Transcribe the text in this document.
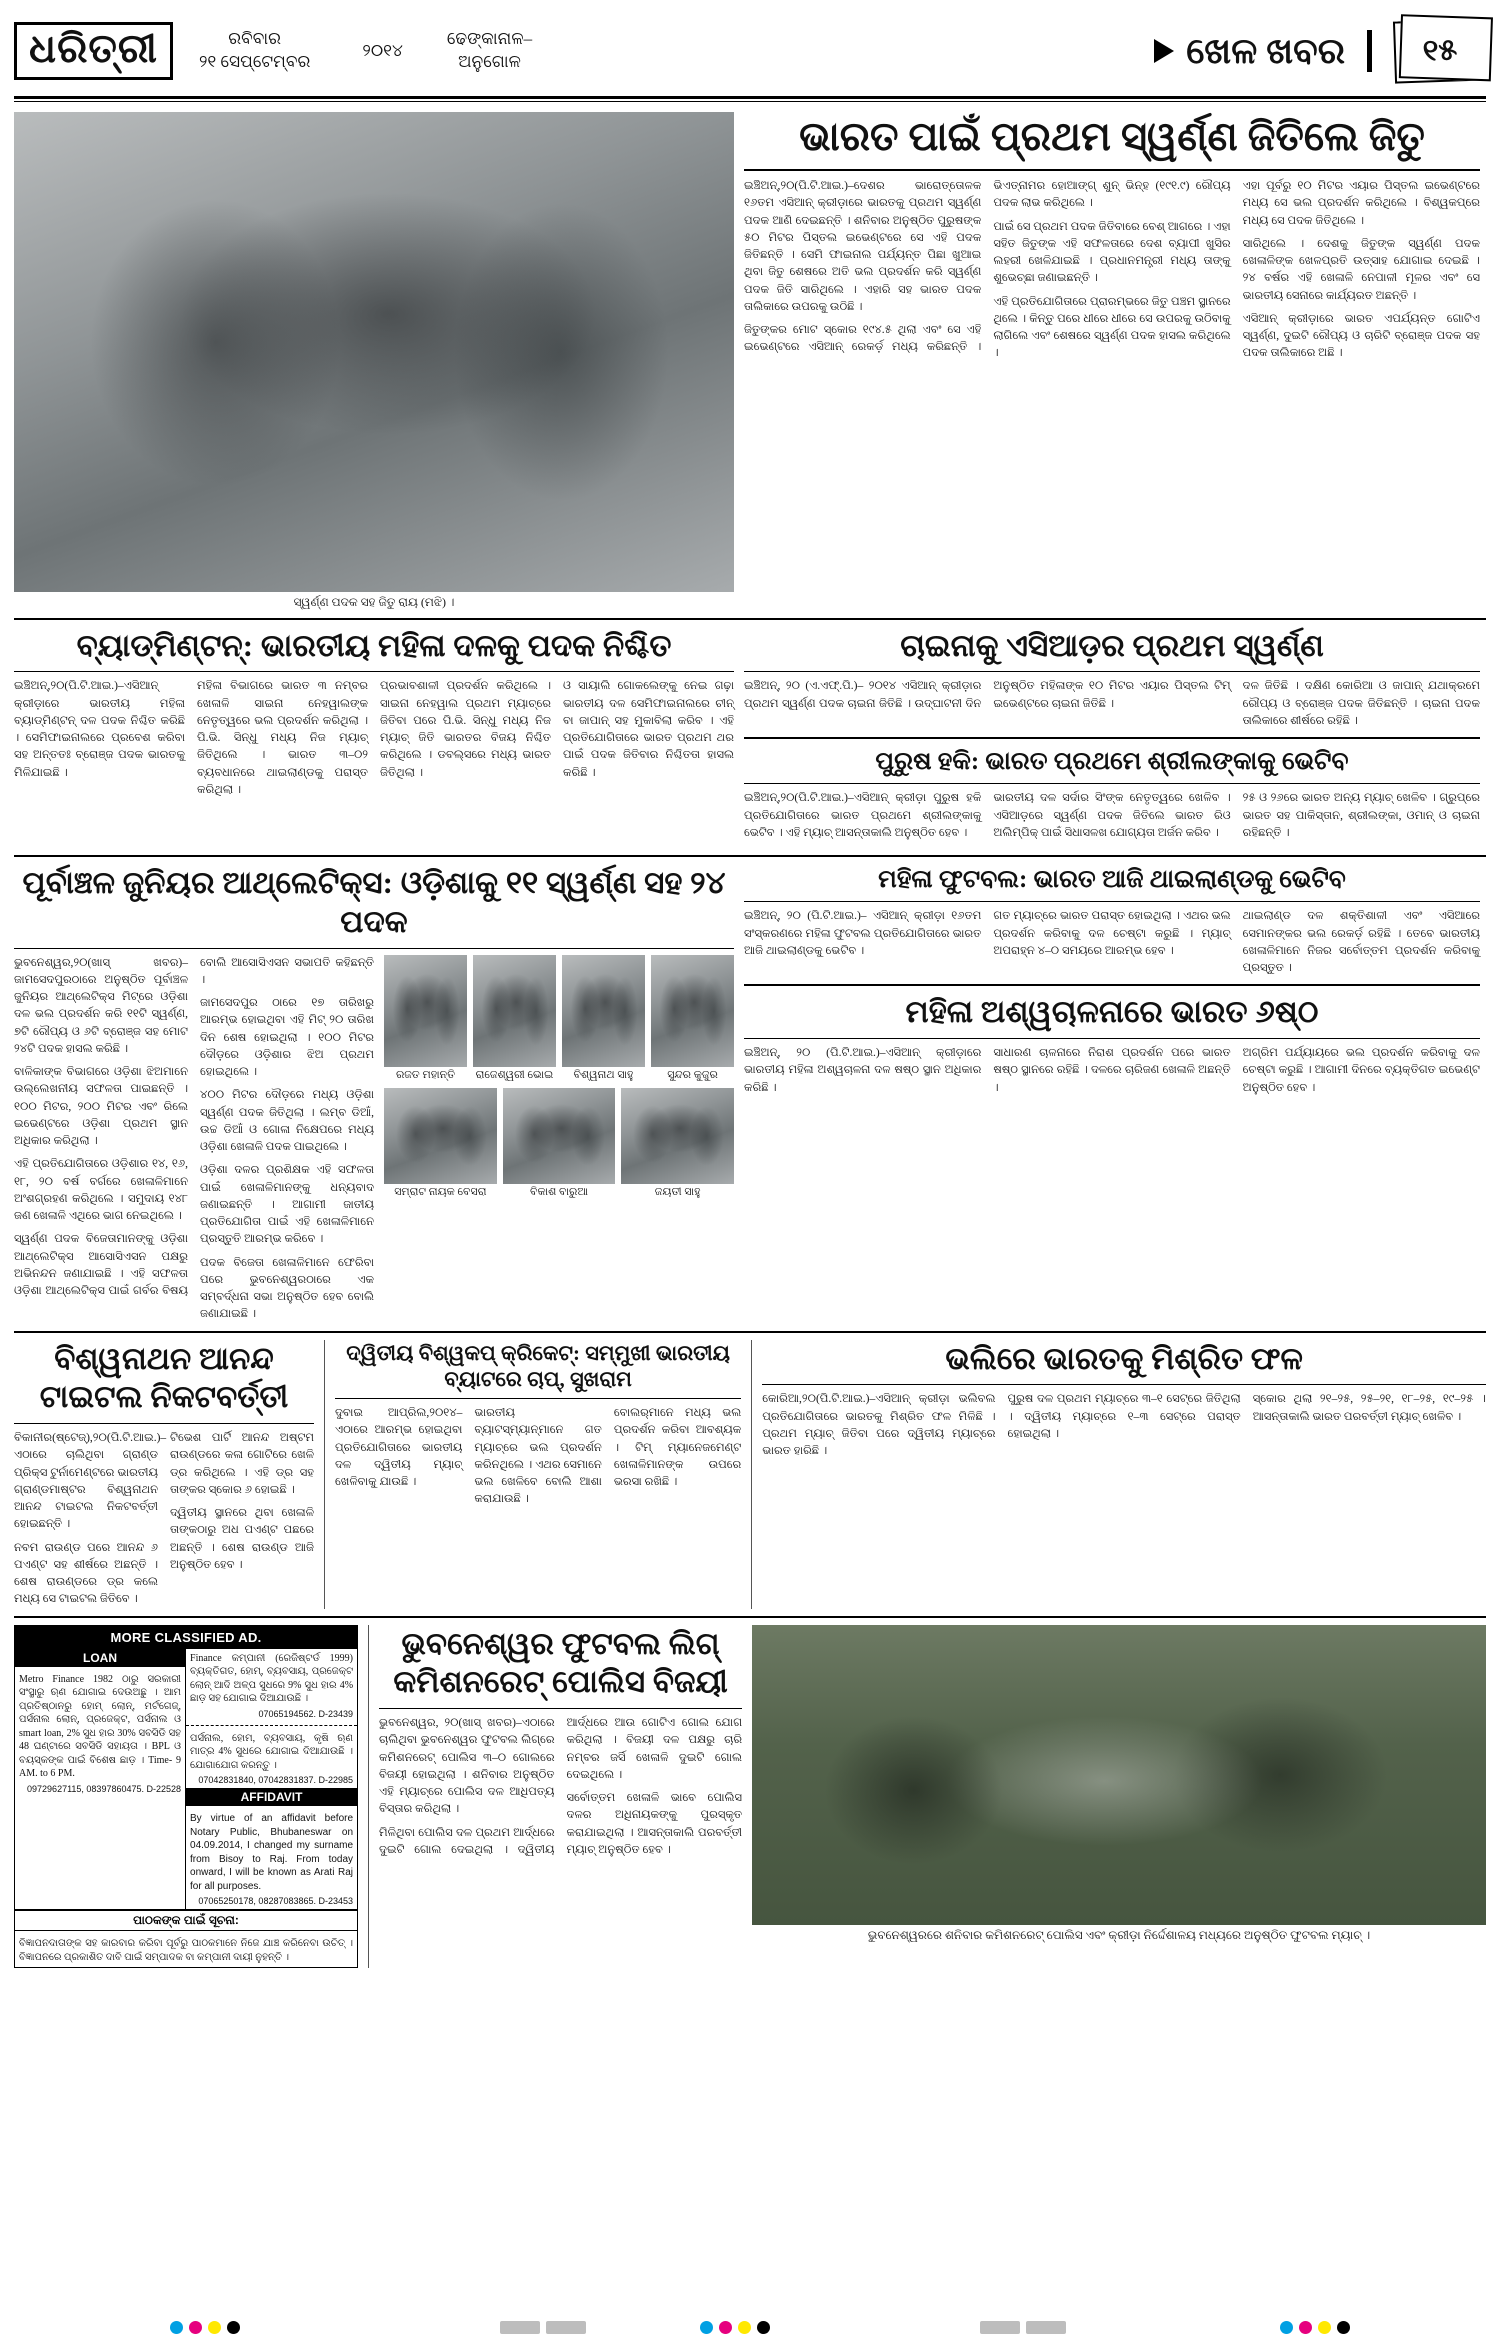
ଧରିତ୍ରୀ	ରବିବାର
୨୧ ସେପ୍ଟେମ୍ବର
୨୦୧୪
ଢେଙ୍କାନାଳ–
ଅନୁଗୋଳ	ଖେଳ ଖବର	୧୫
ସ୍ୱର୍ଣ୍ଣ ପଦକ ସହ ଜିତୁ ରାୟ (ମଝି) ।
ଭାରତ ପାଇଁ ପ୍ରଥମ ସ୍ୱର୍ଣ୍ଣ ଜିତିଲେ ଜିତୁ

ଇଞ୍ଚିଅନ୍‌,୨୦(ପି.ଟି.ଆଇ.)–ଦେଶର ଭାରୋତ୍ତୋଳକ ୧୬ତମ ଏସିଆନ୍‌ କ୍ରୀଡ଼ାରେ ଭାରତକୁ ପ୍ରଥମ ସ୍ୱର୍ଣ୍ଣ ପଦକ ଆଣି ଦେଇଛନ୍ତି । ଶନିବାର ଅନୁଷ୍ଠିତ ପୁରୁଷଙ୍କ ୫୦ ମିଟର ପିସ୍ତଲ ଇଭେଣ୍ଟରେ ସେ ଏହି ପଦକ ଜିତିଛନ୍ତି । ସେମି ଫାଇନାଲ ପର୍ଯ୍ୟନ୍ତ ପିଛା ଖୁଆଇ ଥିବା ଜିତୁ ଶେଷରେ ଅତି ଭଲ ପ୍ରଦର୍ଶନ କରି ସ୍ୱର୍ଣ୍ଣ ପଦକ ଜିତି ସାରିଥିଲେ । ଏହାରି ସହ ଭାରତ ପଦକ ତାଲିକାରେ ଉପରକୁ ଉଠିଛି ।

ଜିତୁଙ୍କର ମୋଟ ସ୍କୋର ୧୯୪.୫ ଥିଲା ଏବଂ ସେ ଏହି ଇଭେଣ୍ଟରେ ଏସିଆନ୍‌ ରେକର୍ଡ଼ ମଧ୍ୟ କରିଛନ୍ତି । ଭିଏତ୍‌ନାମର ହୋଆଙ୍ଗ୍‌ ଶୁନ୍‌ ଭିନ୍‌ହ (୧୯୧.୯) ରୌପ୍ୟ ପଦକ ଲାଭ କରିଥିଲେ ।

ପାଇଁ ସେ ପ୍ରଥମ ପଦକ ଜିତିବାରେ ବେଶ୍‌ ଆଗରେ । ଏହା ସହିତ ଜିତୁଙ୍କ ଏହି ସଫଳତାରେ ଦେଶ ବ୍ୟାପୀ ଖୁସିର ଲହରୀ ଖେଳିଯାଇଛି । ପ୍ରଧାନମନ୍ତ୍ରୀ ମଧ୍ୟ ତାଙ୍କୁ ଶୁଭେଚ୍ଛା ଜଣାଇଛନ୍ତି ।

ଏହି ପ୍ରତିଯୋଗିତାରେ ପ୍ରାରମ୍ଭରେ ଜିତୁ ପଞ୍ଚମ ସ୍ଥାନରେ ଥିଲେ । କିନ୍ତୁ ପରେ ଧୀରେ ଧୀରେ ସେ ଉପରକୁ ଉଠିବାକୁ ଲାଗିଲେ ଏବଂ ଶେଷରେ ସ୍ୱର୍ଣ୍ଣ ପଦକ ହାସଲ କରିଥିଲେ ।

ଏହା ପୂର୍ବରୁ ୧୦ ମିଟର ଏୟାର ପିସ୍ତଲ ଇଭେଣ୍ଟରେ ମଧ୍ୟ ସେ ଭଲ ପ୍ରଦର୍ଶନ କରିଥିଲେ । ବିଶ୍ୱକପ୍‌ରେ ମଧ୍ୟ ସେ ପଦକ ଜିତିଥିଲେ ।

ସାରିଥିଲେ । ଦେଶକୁ ଜିତୁଙ୍କ ସ୍ୱର୍ଣ୍ଣ ପଦକ ଖେଳାଳିଙ୍କ ଖେଳପ୍ରତି ଉତ୍ସାହ ଯୋଗାଇ ଦେଇଛି । ୨୪ ବର୍ଷର ଏହି ଖେଳାଳି ନେପାଳୀ ମୂଳର ଏବଂ ସେ ଭାରତୀୟ ସେନାରେ କାର୍ଯ୍ୟରତ ଅଛନ୍ତି ।

ଏସିଆନ୍‌ କ୍ରୀଡ଼ାରେ ଭାରତ ଏପର୍ଯ୍ୟନ୍ତ ଗୋଟିଏ ସ୍ୱର୍ଣ୍ଣ, ଦୁଇଟି ରୌପ୍ୟ ଓ ଚାରିଟି ବ୍ରୋଞ୍ଜ ପଦକ ସହ ପଦକ ତାଲିକାରେ ଅଛି ।

ବ୍ୟାଡ୍‌ମିଣ୍ଟନ୍‌: ଭାରତୀୟ ମହିଳା ଦଳକୁ ପଦକ ନିଶ୍ଚିତ

ଇଞ୍ଚିଅନ୍‌,୨୦(ପି.ଟି.ଆଇ.)–ଏସିଆନ୍‌ କ୍ରୀଡ଼ାରେ ଭାରତୀୟ ମହିଳା ବ୍ୟାଡ୍‌ମିଣ୍ଟନ୍‌ ଦଳ ପଦକ ନିଶ୍ଚିତ କରିଛି । ସେମିଫାଇନାଲରେ ପ୍ରବେଶ କରିବା ସହ ଅନ୍ତତଃ ବ୍ରୋଞ୍ଜ ପଦକ ଭାରତକୁ ମିଳିଯାଇଛି ।

ମହିଳା ବିଭାଗରେ ଭାରତ ୩ ନମ୍ବର ଖେଳାଳି ସାଇନା ନେହୱାଲଙ୍କ ନେତୃତ୍ୱରେ ଭଲ ପ୍ରଦର୍ଶନ କରିଥିଲା । ପି.ଭି. ସିନ୍ଧୁ ମଧ୍ୟ ନିଜ ମ୍ୟାଚ୍‌ ଜିତିଥିଲେ । ଭାରତ ୩–୦୨ ବ୍ୟବଧାନରେ ଥାଇଲାଣ୍ଡକୁ ପରାସ୍ତ କରିଥିଲା ।

ପ୍ରଭାବଶାଳୀ ପ୍ରଦର୍ଶନ କରିଥିଲେ । ସାଇନା ନେହୱାଲ ପ୍ରଥମ ମ୍ୟାଚ୍‌ରେ ଜିତିବା ପରେ ପି.ଭି. ସିନ୍ଧୁ ମଧ୍ୟ ନିଜ ମ୍ୟାଚ୍‌ ଜିତି ଭାରତର ବିଜୟ ନିଶ୍ଚିତ କରିଥିଲେ । ଡବଲ୍‌ସରେ ମଧ୍ୟ ଭାରତ ଜିତିଥିଲା ।

ଓ ସାୟାଲି ଗୋକଲେଙ୍କୁ ନେଇ ଗଢ଼ା ଭାରତୀୟ ଦଳ ସେମିଫାଇନାଲରେ ଚୀନ୍‌ ବା ଜାପାନ୍‌ ସହ ମୁକାବିଲା କରିବ । ଏହି ପ୍ରତିଯୋଗିତାରେ ଭାରତ ପ୍ରଥମ ଥର ପାଇଁ ପଦକ ଜିତିବାର ନିଶ୍ଚିତତା ହାସଲ କରିଛି ।

ଚାଇନାକୁ ଏସିଆଡ଼ର ପ୍ରଥମ ସ୍ୱର୍ଣ୍ଣ

ଇଞ୍ଚିଅନ୍‌, ୨୦ (ଏ.ଏଫ୍‌.ପି.)– ୨୦୧୪ ଏସିଆନ୍‌ କ୍ରୀଡ଼ାର ପ୍ରଥମ ସ୍ୱର୍ଣ୍ଣ ପଦକ ଚାଇନା ଜିତିଛି । ଉଦ୍‌ଘାଟନୀ ଦିନ ଅନୁଷ୍ଠିତ ମହିଳାଙ୍କ ୧୦ ମିଟର ଏୟାର ପିସ୍ତଲ ଟିମ୍‌ ଇଭେଣ୍ଟରେ ଚାଇନା ଜିତିଛି ।

ଦଳ ଜିତିଛି । ଦକ୍ଷିଣ କୋରିଆ ଓ ଜାପାନ୍‌ ଯଥାକ୍ରମେ ରୌପ୍ୟ ଓ ବ୍ରୋଞ୍ଜ ପଦକ ଜିତିଛନ୍ତି । ଚାଇନା ପଦକ ତାଲିକାରେ ଶୀର୍ଷରେ ରହିଛି ।

ପୁରୁଷ ହକି: ଭାରତ ପ୍ରଥମେ ଶ୍ରୀଲଙ୍କାକୁ ଭେଟିବ

ଇଞ୍ଚିଅନ୍‌,୨୦(ପି.ଟି.ଆଇ.)–ଏସିଆନ୍‌ କ୍ରୀଡ଼ା ପୁରୁଷ ହକି ପ୍ରତିଯୋଗିତାରେ ଭାରତ ପ୍ରଥମେ ଶ୍ରୀଲଙ୍କାକୁ ଭେଟିବ । ଏହି ମ୍ୟାଚ୍‌ ଆସନ୍ତାକାଲି ଅନୁଷ୍ଠିତ ହେବ ।

ଭାରତୀୟ ଦଳ ସର୍ଦାର ସିଂଙ୍କ ନେତୃତ୍ୱରେ ଖେଳିବ । ଏସିଆଡ଼ରେ ସ୍ୱର୍ଣ୍ଣ ପଦକ ଜିତିଲେ ଭାରତ ରିଓ ଅଲିମ୍ପିକ୍‌ ପାଇଁ ସିଧାସଳଖ ଯୋଗ୍ୟତା ଅର୍ଜନ କରିବ ।

୨୫ ଓ ୨୬ରେ ଭାରତ ଅନ୍ୟ ମ୍ୟାଚ୍‌ ଖେଳିବ । ଗ୍ରୁପ୍‌ରେ ଭାରତ ସହ ପାକିସ୍ତାନ, ଶ୍ରୀଲଙ୍କା, ଓମାନ୍‌ ଓ ଚାଇନା ରହିଛନ୍ତି ।

ପୂର୍ବାଞ୍ଚଳ ଜୁନିୟର ଆଥ୍‌ଲେଟିକ୍‌ସ: ଓଡ଼ିଶାକୁ ୧୧ ସ୍ୱର୍ଣ୍ଣ ସହ ୨୪ ପଦକ

ଭୁବନେଶ୍ୱର,୨୦(ଖାସ୍‌ ଖବର)–ଜାମସେଦପୁରଠାରେ ଅନୁଷ୍ଠିତ ପୂର୍ବାଞ୍ଚଳ ଜୁନିୟର ଆଥ୍‌ଲେଟିକ୍‌ସ ମିଟ୍‌ରେ ଓଡ଼ିଶା ଦଳ ଭଲ ପ୍ରଦର୍ଶନ କରି ୧୧ଟି ସ୍ୱର୍ଣ୍ଣ, ୭ଟି ରୌପ୍ୟ ଓ ୬ଟି ବ୍ରୋଞ୍ଜ ସହ ମୋଟ ୨୪ଟି ପଦକ ହାସଲ କରିଛି ।

ବାଳିକାଙ୍କ ବିଭାଗରେ ଓଡ଼ିଶା ଝିଅମାନେ ଉଲ୍ଲେଖନୀୟ ସଫଳତା ପାଇଛନ୍ତି । ୧୦୦ ମିଟର, ୨୦୦ ମିଟର ଏବଂ ରିଲେ ଇଭେଣ୍ଟରେ ଓଡ଼ିଶା ପ୍ରଥମ ସ୍ଥାନ ଅଧିକାର କରିଥିଲା ।

ଏହି ପ୍ରତିଯୋଗିତାରେ ଓଡ଼ିଶାର ୧୪, ୧୬, ୧୮, ୨୦ ବର୍ଷ ବର୍ଗରେ ଖେଳାଳିମାନେ ଅଂଶଗ୍ରହଣ କରିଥିଲେ । ସମୁଦାୟ ୧୪୮ ଜଣ ଖେଳାଳି ଏଥିରେ ଭାଗ ନେଇଥିଲେ ।

ସ୍ୱର୍ଣ୍ଣ ପଦକ ବିଜେତାମାନଙ୍କୁ ଓଡ଼ିଶା ଆଥ୍‌ଲେଟିକ୍‌ସ ଆସୋସିଏସନ ପକ୍ଷରୁ ଅଭିନନ୍ଦନ ଜଣାଯାଇଛି । ଏହି ସଫଳତା ଓଡ଼ିଶା ଆଥ୍‌ଲେଟିକ୍‌ସ ପାଇଁ ଗର୍ବର ବିଷୟ ବୋଲି ଆସୋସିଏସନ ସଭାପତି କହିଛନ୍ତି ।

ଜାମସେଦପୁର ଠାରେ ୧୭ ତାରିଖରୁ ଆରମ୍ଭ ହୋଇଥିବା ଏହି ମିଟ୍‌ ୨୦ ତାରିଖ ଦିନ ଶେଷ ହୋଇଥିଲା । ୧୦୦ ମିଟର ଦୌଡ଼ରେ ଓଡ଼ିଶାର ଝିଅ ପ୍ରଥମ ହୋଇଥିଲେ ।

୪୦୦ ମିଟର ଦୌଡ଼ରେ ମଧ୍ୟ ଓଡ଼ିଶା ସ୍ୱର୍ଣ୍ଣ ପଦକ ଜିତିଥିଲା । ଲମ୍ବ ଡିଆଁ, ଉଚ୍ଚ ଡିଆଁ ଓ ଗୋଳା ନିକ୍ଷେପରେ ମଧ୍ୟ ଓଡ଼ିଶା ଖେଳାଳି ପଦକ ପାଇଥିଲେ ।

ଓଡ଼ିଶା ଦଳର ପ୍ରଶିକ୍ଷକ ଏହି ସଫଳତା ପାଇଁ ଖେଳାଳିମାନଙ୍କୁ ଧନ୍ୟବାଦ ଜଣାଇଛନ୍ତି । ଆଗାମୀ ଜାତୀୟ ପ୍ରତିଯୋଗିତା ପାଇଁ ଏହି ଖେଳାଳିମାନେ ପ୍ରସ୍ତୁତି ଆରମ୍ଭ କରିବେ ।

ପଦକ ବିଜେତା ଖେଳାଳିମାନେ ଫେରିବା ପରେ ଭୁବନେଶ୍ୱରଠାରେ ଏକ ସମ୍ବର୍ଦ୍ଧନା ସଭା ଅନୁଷ୍ଠିତ ହେବ ବୋଲି ଜଣାଯାଇଛି ।

ରଜତ ମହାନ୍ତି	ରାଜେଶ୍ୱରୀ ଭୋଇ	ବିଶ୍ୱନାଥ ସାହୁ	ସୁନ୍ଦର କୁଜୁର
ସମ୍ରାଟ ନାୟକ ବେସରା	ବିକାଶ ବାରୁଆ	ଜୟତୀ ସାହୁ
ମହିଳା ଫୁଟବଲ: ଭାରତ ଆଜି ଥାଇଲାଣ୍ଡକୁ ଭେଟିବ

ଇଞ୍ଚିଅନ୍‌, ୨୦ (ପି.ଟି.ଆଇ.)– ଏସିଆନ୍‌ କ୍ରୀଡ଼ା ୧୬ତମ ସଂସ୍କରଣରେ ମହିଳା ଫୁଟବଲ ପ୍ରତିଯୋଗିତାରେ ଭାରତ ଆଜି ଥାଇଲାଣ୍ଡକୁ ଭେଟିବ ।

ଗତ ମ୍ୟାଚ୍‌ରେ ଭାରତ ପରାସ୍ତ ହୋଇଥିଲା । ଏଥର ଭଲ ପ୍ରଦର୍ଶନ କରିବାକୁ ଦଳ ଚେଷ୍ଟା କରୁଛି । ମ୍ୟାଚ୍‌ ଅପରାହ୍ନ ୪–୦ ସମୟରେ ଆରମ୍ଭ ହେବ ।

ଥାଇଲାଣ୍ଡ ଦଳ ଶକ୍ତିଶାଳୀ ଏବଂ ଏସିଆରେ ସେମାନଙ୍କର ଭଲ ରେକର୍ଡ଼ ରହିଛି । ତେବେ ଭାରତୀୟ ଖେଳାଳିମାନେ ନିଜର ସର୍ବୋତ୍ତମ ପ୍ରଦର୍ଶନ କରିବାକୁ ପ୍ରସ୍ତୁତ ।

ମହିଳା ଅଶ୍ୱଚାଳନାରେ ଭାରତ ୬ଷ୍ଠ

ଇଞ୍ଚିଅନ୍‌, ୨୦ (ପି.ଟି.ଆଇ.)–ଏସିଆନ୍‌ କ୍ରୀଡ଼ାରେ ଭାରତୀୟ ମହିଳା ଅଶ୍ୱଚାଳନା ଦଳ ଷଷ୍ଠ ସ୍ଥାନ ଅଧିକାର କରିଛି ।

ସାଧାରଣ ଚାଳନାରେ ନିରାଶ ପ୍ରଦର୍ଶନ ପରେ ଭାରତ ଷଷ୍ଠ ସ୍ଥାନରେ ରହିଛି । ଦଳରେ ଚାରିଜଣ ଖେଳାଳି ଅଛନ୍ତି ।

ଅଗ୍ରିମ ପର୍ଯ୍ୟାୟରେ ଭଲ ପ୍ରଦର୍ଶନ କରିବାକୁ ଦଳ ଚେଷ୍ଟା କରୁଛି । ଆଗାମୀ ଦିନରେ ବ୍ୟକ୍ତିଗତ ଇଭେଣ୍ଟ ଅନୁଷ୍ଠିତ ହେବ ।

ବିଶ୍ୱନାଥନ ଆନନ୍ଦ
ଟାଇଟଲ ନିକଟବର୍ତ୍ତୀ

ବିକାନୀର(ଷ୍ଟେଜ୍‌),୨୦(ପି.ଟି.ଆଇ.)–ଏଠାରେ ଚାଲିଥିବା ଗ୍ରାଣ୍ଡ ପ୍ରିକ୍ସ ଟୁର୍ନାମେଣ୍ଟରେ ଭାରତୀୟ ଗ୍ରାଣ୍ଡମାଷ୍ଟର ବିଶ୍ୱନାଥନ ଆନନ୍ଦ ଟାଇଟଲ ନିକଟବର୍ତ୍ତୀ ହୋଇଛନ୍ତି ।

ନବମ ରାଉଣ୍ଡ ପରେ ଆନନ୍ଦ ୬ ପଏଣ୍ଟ ସହ ଶୀର୍ଷରେ ଅଛନ୍ତି । ଶେଷ ରାଉଣ୍ଡରେ ଡ୍ର କଲେ ମଧ୍ୟ ସେ ଟାଇଟଲ ଜିତିବେ ।

ଟିଭେଶ ପାର୍ଟି ଆନନ୍ଦ ଅଷ୍ଟମ ରାଉଣ୍ଡରେ କଳା ଗୋଟିରେ ଖେଳି ଡ୍ର କରିଥିଲେ । ଏହି ଡ୍ର ସହ ତାଙ୍କର ସ୍କୋର ୬ ହୋଇଛି ।

ଦ୍ୱିତୀୟ ସ୍ଥାନରେ ଥିବା ଖେଳାଳି ତାଙ୍କଠାରୁ ଅଧ ପଏଣ୍ଟ ପଛରେ ଅଛନ୍ତି । ଶେଷ ରାଉଣ୍ଡ ଆଜି ଅନୁଷ୍ଠିତ ହେବ ।

ଦ୍ୱିତୀୟ ବିଶ୍ୱକପ୍‌ କ୍ରିକେଟ୍‌: ସମ୍ମୁଖୀ ଭାରତୀୟ ବ୍ୟାଟରେ ଚାପ୍‌, ସୁଖରାମ

ଦୁବାଇ ଆପ୍ରିଲ,୨୦୧୪–ଏଠାରେ ଆରମ୍ଭ ହୋଇଥିବା ପ୍ରତିଯୋଗିତାରେ ଭାରତୀୟ ଦଳ ଦ୍ୱିତୀୟ ମ୍ୟାଚ୍‌ ଖେଳିବାକୁ ଯାଉଛି ।

ଭାରତୀୟ ବ୍ୟାଟସ୍‌ମ୍ୟାନ୍‌ମାନେ ଗତ ମ୍ୟାଚ୍‌ରେ ଭଲ ପ୍ରଦର୍ଶନ କରିନଥିଲେ । ଏଥର ସେମାନେ ଭଲ ଖେଳିବେ ବୋଲି ଆଶା କରାଯାଉଛି ।

ବୋଲର୍‌ମାନେ ମଧ୍ୟ ଭଲ ପ୍ରଦର୍ଶନ କରିବା ଆବଶ୍ୟକ । ଟିମ୍‌ ମ୍ୟାନେଜମେଣ୍ଟ ଖେଳାଳିମାନଙ୍କ ଉପରେ ଭରସା ରଖିଛି ।

ଭଲିରେ ଭାରତକୁ ମିଶ୍ରିତ ଫଳ

କୋରିଆ,୨୦(ପି.ଟି.ଆଇ.)–ଏସିଆନ୍‌ କ୍ରୀଡ଼ା ଭଲିବଲ ପ୍ରତିଯୋଗିତାରେ ଭାରତକୁ ମିଶ୍ରିତ ଫଳ ମିଳିଛି । ପ୍ରଥମ ମ୍ୟାଚ୍‌ ଜିତିବା ପରେ ଦ୍ୱିତୀୟ ମ୍ୟାଚ୍‌ରେ ଭାରତ ହାରିଛି ।

ପୁରୁଷ ଦଳ ପ୍ରଥମ ମ୍ୟାଚ୍‌ରେ ୩–୧ ସେଟ୍‌ରେ ଜିତିଥିଲା । ଦ୍ୱିତୀୟ ମ୍ୟାଚ୍‌ରେ ୧–୩ ସେଟ୍‌ରେ ପରାସ୍ତ ହୋଇଥିଲା ।

ସ୍କୋର ଥିଲା ୨୧–୨୫, ୨୫–୨୧, ୧୮–୨୫, ୧୯–୨୫ । ଆସନ୍ତାକାଲି ଭାରତ ପରବର୍ତ୍ତୀ ମ୍ୟାଚ୍‌ ଖେଳିବ ।

MORE CLASSIFIED AD.
LOAN
Metro Finance 1982 ଠାରୁ ସରକାରୀ ସଂସ୍ଥାରୁ ଋଣ ଯୋଗାଇ ଦେଉଅଛୁ । ଆମ ପ୍ରତିଷ୍ଠାନରୁ ହୋମ୍‌ ଲୋନ୍‌, ମର୍ଟଗେଜ୍‌, ପର୍ସନାଲ ଲୋନ୍‌, ପ୍ରଜେକ୍ଟ, ପର୍ସନାଲ ଓ smart loan, 2% ସୁଧ ହାର 30% ସବସିଡି ସହ 48 ଘଣ୍ଟାରେ ସବସିଡି ସହାୟତା । BPL ଓ ବୟସ୍କଙ୍କ ପାଇଁ ବିଶେଷ ଛାଡ଼ । Time- 9 AM. to 6 PM.
09729627115, 08397860475. D-22528
Finance କମ୍ପାନୀ (ରେଜିଷ୍ଟର୍ଡ 1999) ବ୍ୟକ୍ତିଗତ, ହୋମ୍‌, ବ୍ୟବସାୟ, ପ୍ରଜେକ୍ଟ ଲୋନ୍‌ ଆଦି ଅଳ୍ପ ସୁଧରେ 9% ସୁଧ ହାର 4% ଛାଡ଼ ସହ ଯୋଗାଇ ଦିଆଯାଉଛି ।
07065194562. D-23439
ପର୍ସନାଲ, ହୋମ, ବ୍ୟବସାୟ, କୃଷି ଋଣ ମାତ୍ର 4% ସୁଧରେ ଯୋଗାଇ ଦିଆଯାଉଛି । ଯୋଗାଯୋଗ କରନ୍ତୁ ।
07042831840, 07042831837. D-22985
AFFIDAVIT
By virtue of an affidavit before Notary Public, Bhubaneswar on 04.09.2014, I changed my surname from Bisoy to Raj. From today onward, I will be known as Arati Raj for all purposes.
07065250178, 08287083865. D-23453
ପାଠକଙ୍କ ପାଇଁ ସୂଚନା:
ବିଜ୍ଞାପନଦାତାଙ୍କ ସହ କାରବାର କରିବା ପୂର୍ବରୁ ପାଠକମାନେ ନିଜେ ଯାଞ୍ଚ କରିନେବା ଉଚିତ୍‌ । ବିଜ୍ଞାପନରେ ପ୍ରକାଶିତ ଦାବି ପାଇଁ ସମ୍ପାଦକ ବା କମ୍ପାନୀ ଦାୟୀ ନୁହନ୍ତି ।
ଭୁବନେଶ୍ୱର ଫୁଟବଲ ଲିଗ୍‌
କମିଶନରେଟ୍‌ ପୋଲିସ ବିଜୟୀ

ଭୁବନେଶ୍ୱର, ୨୦(ଖାସ୍‌ ଖବର)–ଏଠାରେ ଚାଲିଥିବା ଭୁବନେଶ୍ୱର ଫୁଟବଲ ଲିଗ୍‌ରେ କମିଶନରେଟ୍‌ ପୋଲିସ ୩–୦ ଗୋଲରେ ବିଜୟୀ ହୋଇଥିଲା । ଶନିବାର ଅନୁଷ୍ଠିତ ଏହି ମ୍ୟାଚ୍‌ରେ ପୋଲିସ ଦଳ ଆଧିପତ୍ୟ ବିସ୍ତାର କରିଥିଲା ।

ମିଳିଥିବା ପୋଲିସ ଦଳ ପ୍ରଥମ ଆର୍ଦ୍ଧରେ ଦୁଇଟି ଗୋଲ ଦେଇଥିଲା । ଦ୍ୱିତୀୟ ଆର୍ଦ୍ଧରେ ଆଉ ଗୋଟିଏ ଗୋଲ ଯୋଗ କରିଥିଲା । ବିଜୟୀ ଦଳ ପକ୍ଷରୁ ଚାରି ନମ୍ବର ଜର୍ସି ଖେଳାଳି ଦୁଇଟି ଗୋଲ ଦେଇଥିଲେ ।

ସର୍ବୋତ୍ତମ ଖେଳାଳି ଭାବେ ପୋଲିସ ଦଳର ଅଧିନାୟକଙ୍କୁ ପୁରସ୍କୃତ କରାଯାଇଥିଲା । ଆସନ୍ତାକାଲି ପରବର୍ତ୍ତୀ ମ୍ୟାଚ୍‌ ଅନୁଷ୍ଠିତ ହେବ ।

ଭୁବନେଶ୍ୱରରେ ଶନିବାର କମିଶନରେଟ୍‌ ପୋଲିସ ଏବଂ କ୍ରୀଡ଼ା ନିର୍ଦ୍ଦେଶାଳୟ ମଧ୍ୟରେ ଅନୁଷ୍ଠିତ ଫୁଟବଲ ମ୍ୟାଚ୍‌ ।
